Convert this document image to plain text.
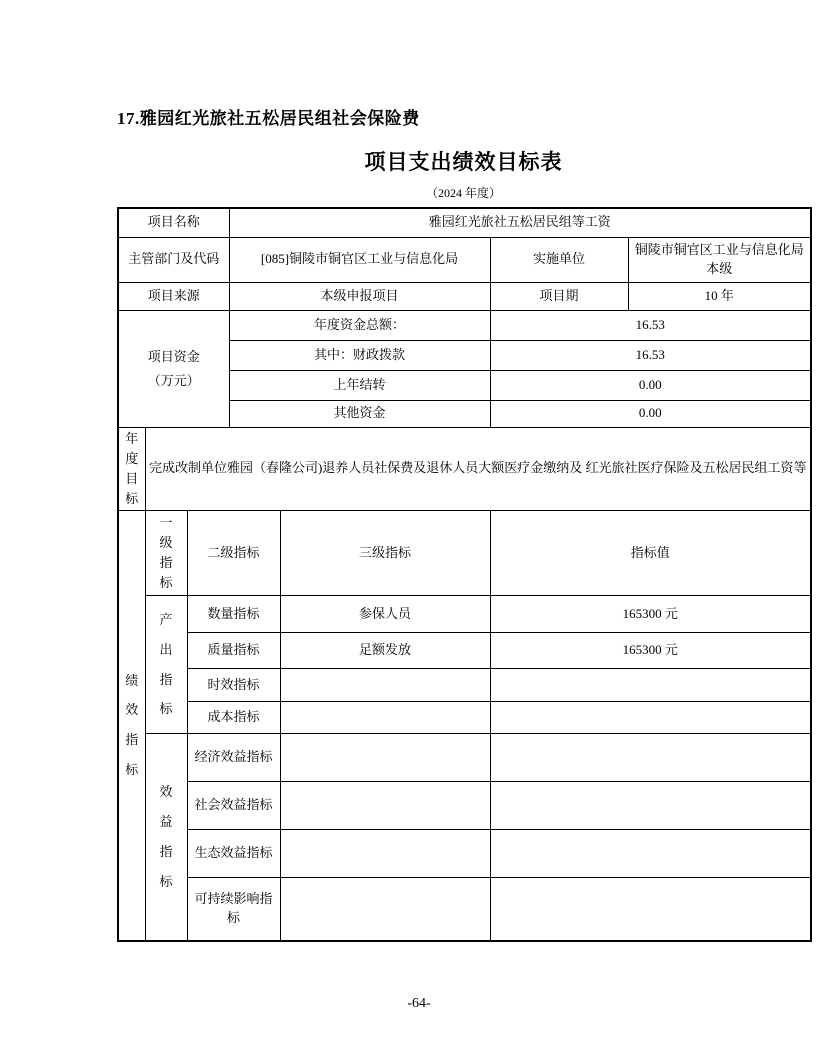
17.雅园红光旅社五松居民组社会保险费
项目支出绩效目标表
（2024 年度）
项目名称			雅园红光旅社五松居民组等工资			
主管部门及代码			[085]铜陵市铜官区工业与信息化局		实施单位	铜陵市铜官区工业与信息化局本级
项目来源			本级申报项目		项目期	10 年

项目资金
（万元）			年度资金总额：		16.53	
			其中：财政拨款		16.53	
			上年结转		0.00	
			其他资金		0.00	
年度目标	完成改制单位雅园（春隆公司)退养人员社保费及退休人员大额医疗金缴纳及 红光旅社医疗保险及五松居民组工资等					
绩效指标	一级指标	二级指标		三级指标	指标值	
	产出指标	数量指标		参保人员	165300 元	
		质量指标		足额发放	165300 元	
		时效指标				
		成本指标				
	效益指标	经济效益指标				
		社会效益指标				
		生态效益指标				
		可持续影响指标				
-64-
